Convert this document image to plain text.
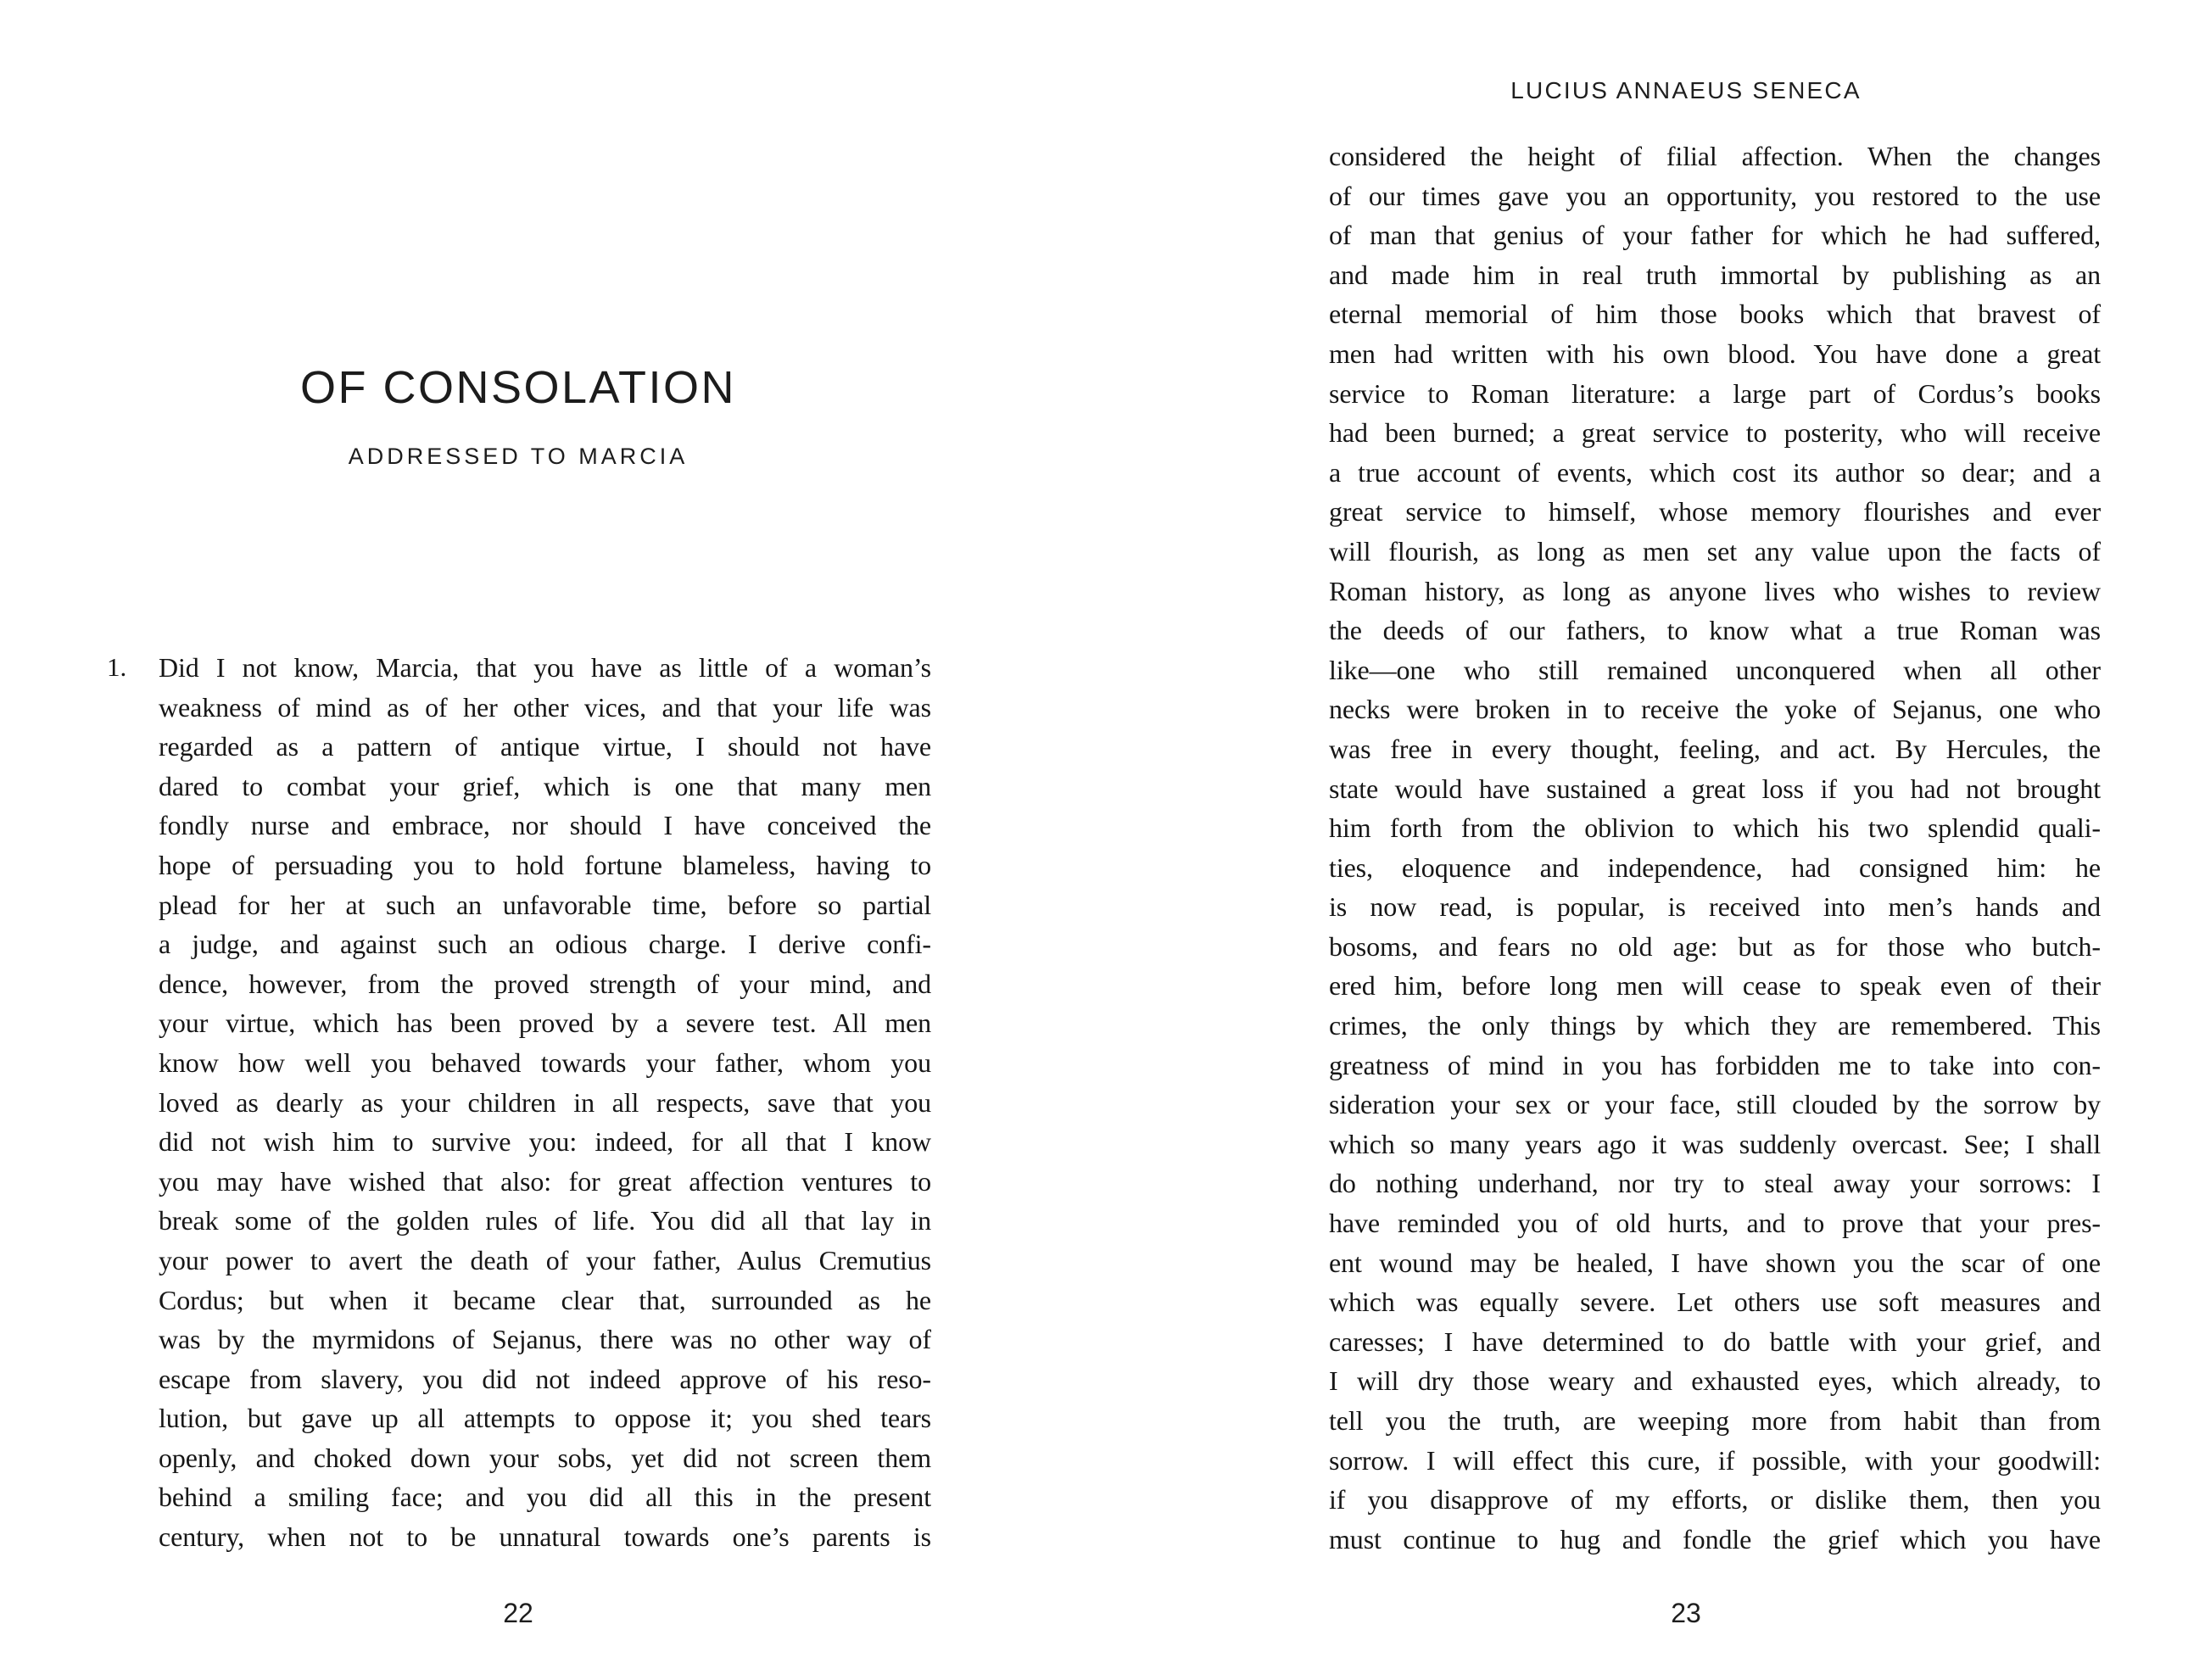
OF CONSOLATION
ADDRESSED TO MARCIA
1. Did I not know, Marcia, that you have as little of a woman’s
weakness of mind as of her other vices, and that your life was
regarded as a pattern of antique virtue, I should not have
dared to combat your grief, which is one that many men
fondly nurse and embrace, nor should I have conceived the
hope of persuading you to hold fortune blameless, having to
plead for her at such an unfavorable time, before so partial
a judge, and against such an odious charge. I derive confi-
dence, however, from the proved strength of your mind, and
your virtue, which has been proved by a severe test. All men
know how well you behaved towards your father, whom you
loved as dearly as your children in all respects, save that you
did not wish him to survive you: indeed, for all that I know
you may have wished that also: for great affection ventures to
break some of the golden rules of life. You did all that lay in
your power to avert the death of your father, Aulus Cremutius
Cordus; but when it became clear that, surrounded as he
was by the myrmidons of Sejanus, there was no other way of
escape from slavery, you did not indeed approve of his reso-
lution, but gave up all attempts to oppose it; you shed tears
openly, and choked down your sobs, yet did not screen them
behind a smiling face; and you did all this in the present
century, when not to be unnatural towards one’s parents is
22
LUCIUS ANNAEUS SENECA
considered the height of filial affection. When the changes
of our times gave you an opportunity, you restored to the use
of man that genius of your father for which he had suffered,
and made him in real truth immortal by publishing as an
eternal memorial of him those books which that bravest of
men had written with his own blood. You have done a great
service to Roman literature: a large part of Cordus’s books
had been burned; a great service to posterity, who will receive
a true account of events, which cost its author so dear; and a
great service to himself, whose memory flourishes and ever
will flourish, as long as men set any value upon the facts of
Roman history, as long as anyone lives who wishes to review
the deeds of our fathers, to know what a true Roman was
like—one who still remained unconquered when all other
necks were broken in to receive the yoke of Sejanus, one who
was free in every thought, feeling, and act. By Hercules, the
state would have sustained a great loss if you had not brought
him forth from the oblivion to which his two splendid quali-
ties, eloquence and independence, had consigned him: he
is now read, is popular, is received into men’s hands and
bosoms, and fears no old age: but as for those who butch-
ered him, before long men will cease to speak even of their
crimes, the only things by which they are remembered. This
greatness of mind in you has forbidden me to take into con-
sideration your sex or your face, still clouded by the sorrow by
which so many years ago it was suddenly overcast. See; I shall
do nothing underhand, nor try to steal away your sorrows: I
have reminded you of old hurts, and to prove that your pres-
ent wound may be healed, I have shown you the scar of one
which was equally severe. Let others use soft measures and
caresses; I have determined to do battle with your grief, and
I will dry those weary and exhausted eyes, which already, to
tell you the truth, are weeping more from habit than from
sorrow. I will effect this cure, if possible, with your goodwill:
if you disapprove of my efforts, or dislike them, then you
must continue to hug and fondle the grief which you have
23
